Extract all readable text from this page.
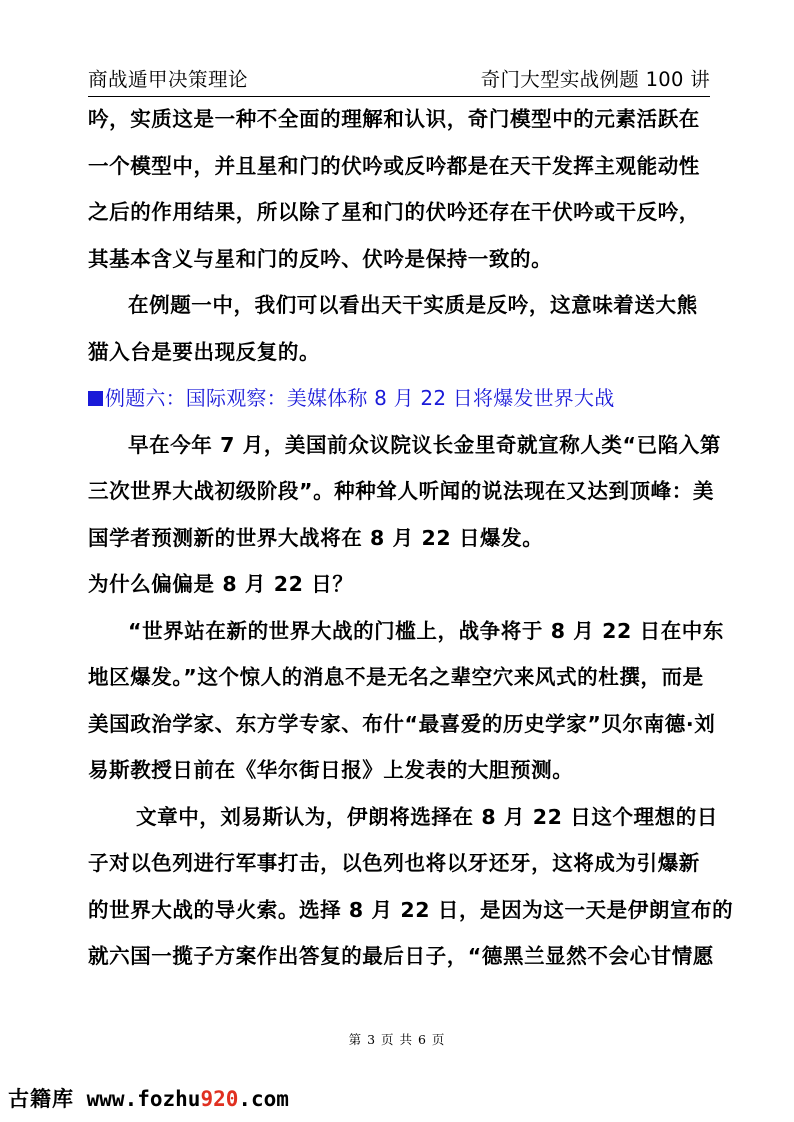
商战遁甲决策理论	奇门大型实战例题 100 讲
吟，实质这是一种不全面的理解和认识，奇门模型中的元素活跃在
一个模型中，并且星和门的伏吟或反吟都是在天干发挥主观能动性
之后的作用结果，所以除了星和门的伏吟还存在干伏吟或干反吟，
其基本含义与星和门的反吟、伏吟是保持一致的。
在例题一中，我们可以看出天干实质是反吟，这意味着送大熊
猫入台是要出现反复的。
例题六：国际观察：美媒体称 8 月 22 日将爆发世界大战
早在今年 7 月，美国前众议院议长金里奇就宣称人类“已陷入第
三次世界大战初级阶段”。种种耸人听闻的说法现在又达到顶峰：美
国学者预测新的世界大战将在 8 月 22 日爆发。
为什么偏偏是 8 月 22 日？
“世界站在新的世界大战的门槛上，战争将于 8 月 22 日在中东
地区爆发。”这个惊人的消息不是无名之辈空穴来风式的杜撰，而是
美国政治学家、东方学专家、布什“最喜爱的历史学家”贝尔南德·刘
易斯教授日前在《华尔街日报》上发表的大胆预测。
文章中，刘易斯认为，伊朗将选择在 8 月 22 日这个理想的日
子对以色列进行军事打击，以色列也将以牙还牙，这将成为引爆新
的世界大战的导火索。选择 8 月 22 日，是因为这一天是伊朗宣布的
就六国一揽子方案作出答复的最后日子，“德黑兰显然不会心甘情愿
第 3 页 共 6 页
古籍库 www.fozhu920.com
